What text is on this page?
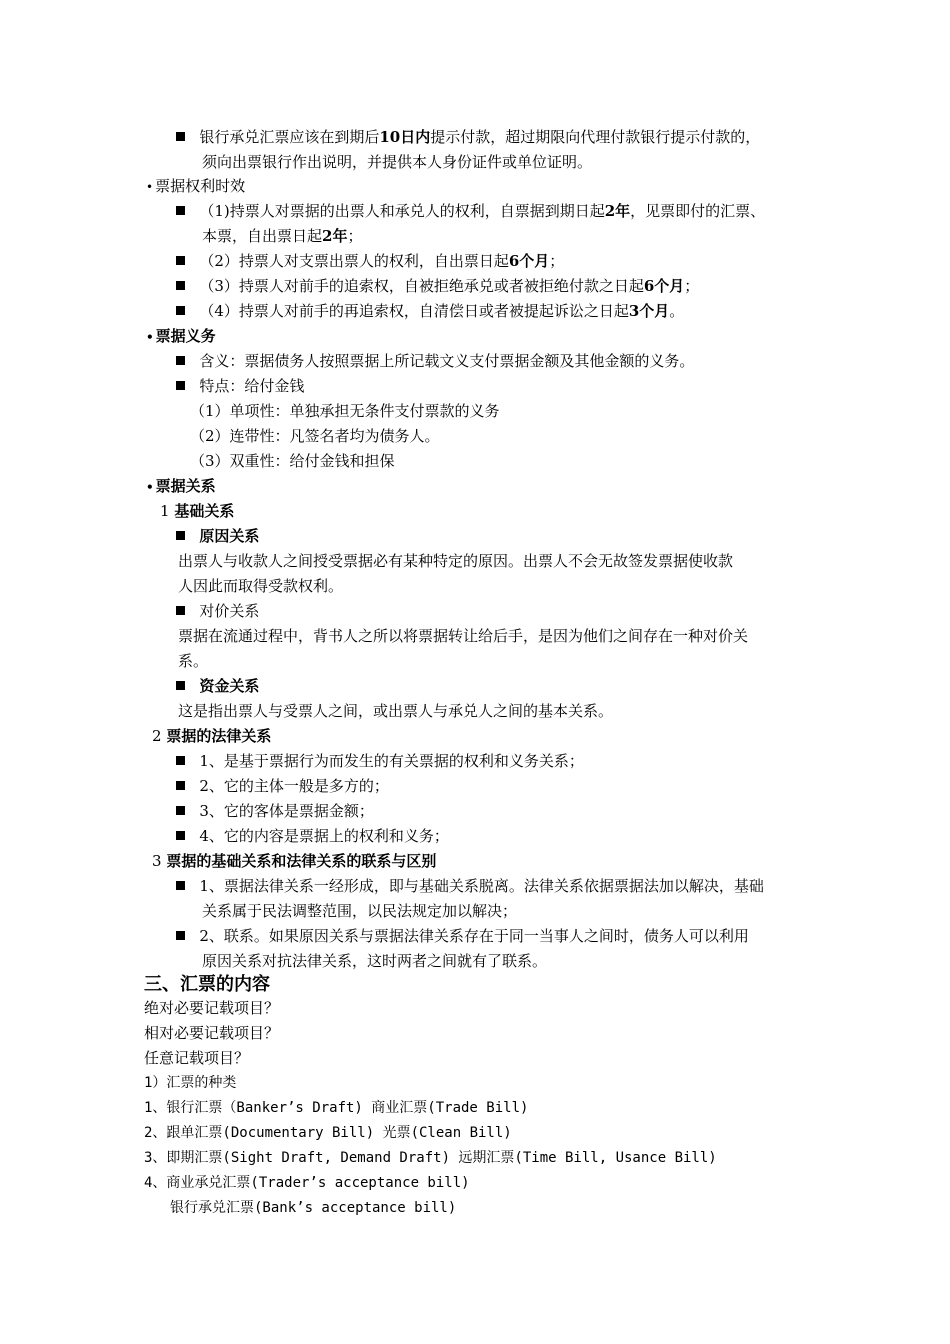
银行承兑汇票应该在到期后10日内提示付款，超过期限向代理付款银行提示付款的，
须向出票银行作出说明，并提供本人身份证件或单位证明。
• 票据权利时效
（1)持票人对票据的出票人和承兑人的权利，自票据到期日起2年，见票即付的汇票、
本票，自出票日起2年；
（2）持票人对支票出票人的权利，自出票日起6个月；
（3）持票人对前手的追索权，自被拒绝承兑或者被拒绝付款之日起6个月；
（4）持票人对前手的再追索权，自清偿日或者被提起诉讼之日起3个月。
• 票据义务
含义：票据债务人按照票据上所记载文义支付票据金额及其他金额的义务。
特点：给付金钱
（1）单项性：单独承担无条件支付票款的义务
（2）连带性：凡签名者均为债务人。
（3）双重性：给付金钱和担保
• 票据关系
1 基础关系
原因关系
出票人与收款人之间授受票据必有某种特定的原因。出票人不会无故签发票据使收款
人因此而取得受款权利。
对价关系
票据在流通过程中，背书人之所以将票据转让给后手，是因为他们之间存在一种对价关
系。
资金关系
这是指出票人与受票人之间，或出票人与承兑人之间的基本关系。
2 票据的法律关系
1、是基于票据行为而发生的有关票据的权利和义务关系；
2、它的主体一般是多方的；
3、它的客体是票据金额；
4、它的内容是票据上的权利和义务；
3 票据的基础关系和法律关系的联系与区别
1、票据法律关系一经形成，即与基础关系脱离。法律关系依据票据法加以解决，基础
关系属于民法调整范围，以民法规定加以解决；
2、联系。如果原因关系与票据法律关系存在于同一当事人之间时，债务人可以利用
原因关系对抗法律关系，这时两者之间就有了联系。
三、汇票的内容
绝对必要记载项目？
相对必要记载项目？
任意记载项目？
1）汇票的种类
1、银行汇票（Banker’s Draft) 商业汇票(Trade Bill)
2、跟单汇票(Documentary Bill) 光票(Clean Bill)
3、即期汇票(Sight Draft, Demand Draft) 远期汇票(Time Bill, Usance Bill)
4、商业承兑汇票(Trader’s acceptance bill)
银行承兑汇票(Bank’s acceptance bill)
